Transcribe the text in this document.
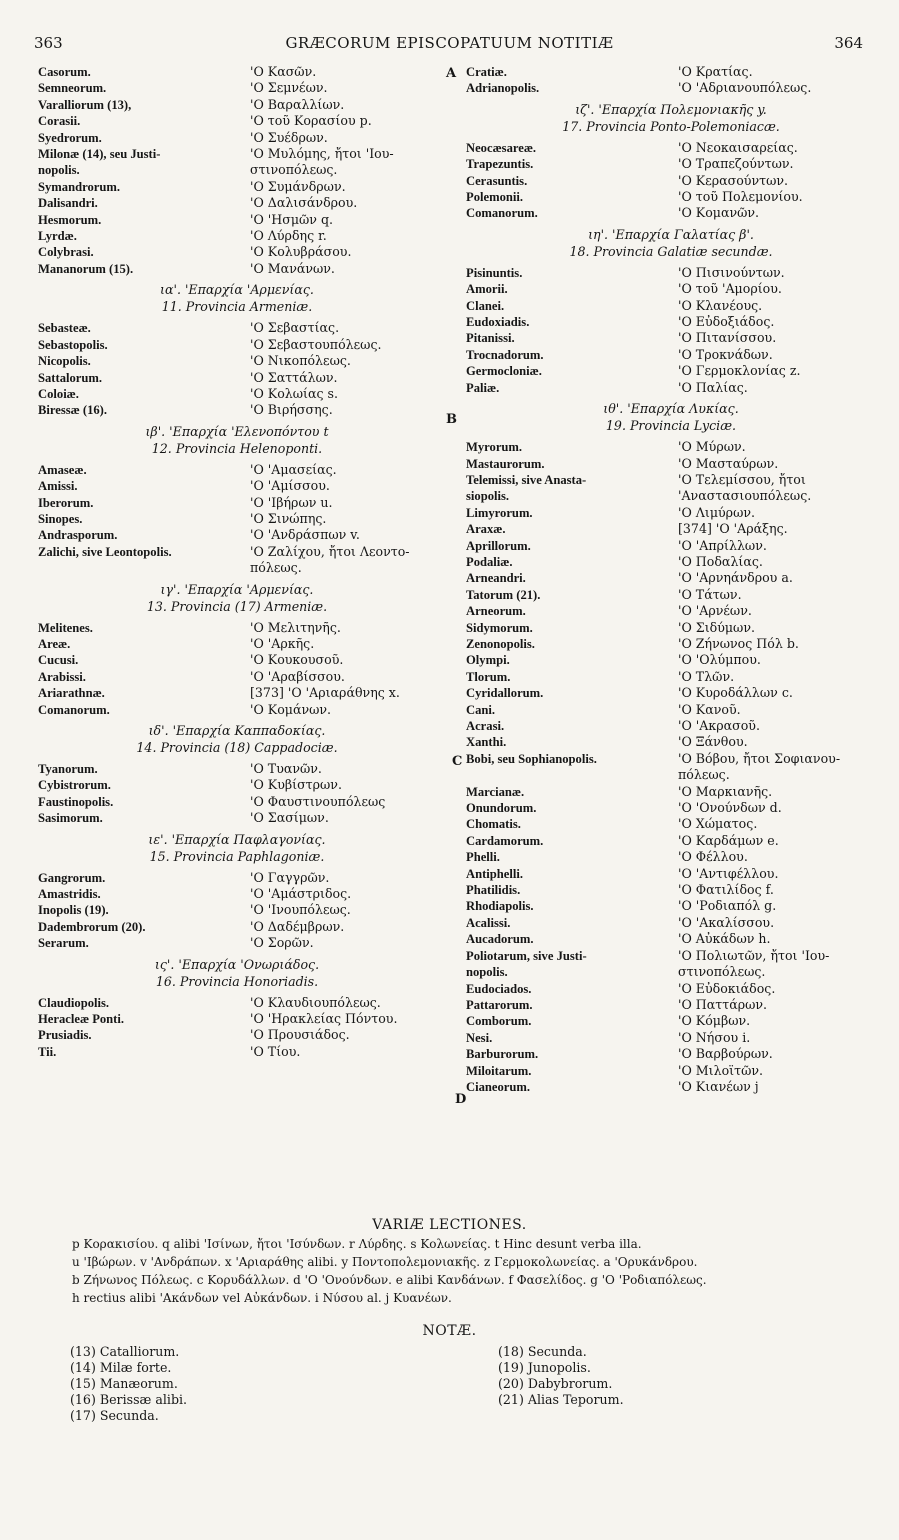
363	GRÆCORUM EPISCOPATUUM NOTITIÆ	364
A
B
C
D
Casorum.	'Ο Κασῶν.
Semneorum.	'Ο Σεμνέων.
Varalliorum (13),	'Ο Βαραλλίων.
Corasii.	'Ο τοῦ Κορασίου p.
Syedrorum.	'Ο Συέδρων.
Milonæ (14), seu Justi-	'Ο Μυλόμης, ἤτοι 'Ιου-
nopolis.	στινοπόλεως.
Symandrorum.	'Ο Συμάνδρων.
Dalisandri.	'Ο Δαλισάνδρου.
Hesmorum.	'Ο 'Ησμῶν q.
Lyrdæ.	'Ο Λύρδης r.
Colybrasi.	'Ο Κολυβράσου.
Mananorum (15).	'Ο Μανάνων.
ια'. 'Επαρχία 'Αρμενίας.
11. Provincia Armeniæ.
Sebasteæ.	'Ο Σεβαστίας.
Sebastopolis.	'Ο Σεβαστουπόλεως.
Nicopolis.	'Ο Νικοπόλεως.
Sattalorum.	'Ο Σαττάλων.
Coloiæ.	'Ο Κολωίας s.
Biressæ (16).	'Ο Βιρήσσης.
ιβ'. 'Επαρχία 'Ελενοπόντου t
12. Provincia Helenoponti.
Amaseæ.	'Ο 'Αμασείας.
Amissi.	'Ο 'Αμίσσου.
Iberorum.	'Ο 'Ιβήρων u.
Sinopes.	'Ο Σινώπης.
Andrasporum.	'Ο 'Ανδράσπων v.
Zalichi, sive Leontopolis.	'Ο Ζαλίχου, ἤτοι Λεοντο-
πόλεως.
ιγ'. 'Επαρχία 'Αρμενίας.
13. Provincia (17) Armeniæ.
Melitenes.	'Ο Μελιτηνῆς.
Areæ.	'Ο 'Αρκῆς.
Cucusi.	'Ο Κουκουσοῦ.
Arabissi.	'Ο 'Αραβίσσου.
Ariarathnæ.	[373] 'Ο 'Αριαράθνης x.
Comanorum.	'Ο Κομάνων.
ιδ'. 'Επαρχία Καππαδοκίας.
14. Provincia (18) Cappadociæ.
Tyanorum.	'Ο Τυανῶν.
Cybistrorum.	'Ο Κυβίστρων.
Faustinopolis.	'Ο Φαυστινουπόλεως
Sasimorum.	'Ο Σασίμων.
ιε'. 'Επαρχία Παφλαγονίας.
15. Provincia Paphlagoniæ.
Gangrorum.	'Ο Γαγγρῶν.
Amastridis.	'Ο 'Αμάστριδος.
Inopolis (19).	'Ο 'Ινουπόλεως.
Dadembrorum (20).	'Ο Δαδέμβρων.
Serarum.	'Ο Σορῶν.
ις'. 'Επαρχία 'Ονωριάδος.
16. Provincia Honoriadis.
Claudiopolis.	'Ο Κλαυδιουπόλεως.
Heracleæ Ponti.	'Ο 'Ηρακλείας Πόντου.
Prusiadis.	'Ο Προυσιάδος.
Tii.	'Ο Τίου.
Cratiæ.	'Ο Κρατίας.
Adrianopolis.	'Ο 'Αδριανουπόλεως.
ιζ'. 'Επαρχία Πολεμονιακῆς y.
17. Provincia Ponto-Polemoniacæ.
Neocæsareæ.	'Ο Νεοκαισαρείας.
Trapezuntis.	'Ο Τραπεζούντων.
Cerasuntis.	'Ο Κερασούντων.
Polemonii.	'Ο τοῦ Πολεμονίου.
Comanorum.	'Ο Κομανῶν.
ιη'. 'Επαρχία Γαλατίας β'.
18. Provincia Galatiæ secundæ.
Pisinuntis.	'Ο Πισινούντων.
Amorii.	'Ο τοῦ 'Αμορίου.
Clanei.	'Ο Κλανέους.
Eudoxiadis.	'Ο Εὐδοξιάδος.
Pitanissi.	'Ο Πιτανίσσου.
Trocnadorum.	'Ο Τροκνάδων.
Germocloniæ.	'Ο Γερμοκλονίας z.
Paliæ.	'Ο Παλίας.
ιθ'. 'Επαρχία Λυκίας.
19. Provincia Lyciæ.
Myrorum.	'Ο Μύρων.
Mastaurorum.	'Ο Μασταύρων.
Telemissi, sive Anasta-	'Ο Τελεμίσσου, ἤτοι
siopolis.	'Αναστασιουπόλεως.
Limyrorum.	'Ο Λιμύρων.
Araxæ.	[374] 'Ο 'Αράξης.
Aprillorum.	'Ο 'Απρίλλων.
Podaliæ.	'Ο Ποδαλίας.
Arneandri.	'Ο 'Αρνηάνδρου a.
Tatorum (21).	'Ο Τάτων.
Arneorum.	'Ο 'Αρνέων.
Sidymorum.	'Ο Σιδύμων.
Zenonopolis.	'Ο Ζήνωνος Πόλ b.
Olympi.	'Ο 'Ολύμπου.
Tlorum.	'Ο Τλῶν.
Cyridallorum.	'Ο Κυροδάλλων c.
Cani.	'Ο Κανοῦ.
Acrasi.	'Ο 'Ακρασοῦ.
Xanthi.	'Ο Ξάνθου.
Bobi, seu Sophianopolis.	'Ο Βόβου, ἤτοι Σοφιανου-
πόλεως.
Marcianæ.	'Ο Μαρκιανῆς.
Onundorum.	'Ο 'Ονούνδων d.
Chomatis.	'Ο Χώματος.
Cardamorum.	'Ο Καρδάμων e.
Phelli.	'Ο Φέλλου.
Antiphelli.	'Ο 'Αντιφέλλου.
Phatilidis.	'Ο Φατιλίδος f.
Rhodiapolis.	'Ο 'Ροδιαπόλ g.
Acalissi.	'Ο 'Ακαλίσσου.
Aucadorum.	'Ο Αὐκάδων h.
Poliotarum, sive Justi-	'Ο Πολιωτῶν, ἤτοι 'Ιου-
nopolis.	στινοπόλεως.
Eudociados.	'Ο Εὐδοκιάδος.
Pattarorum.	'Ο Παττάρων.
Comborum.	'Ο Κόμβων.
Nesi.	'Ο Νήσου i.
Barburorum.	'Ο Βαρβούρων.
Miloitarum.	'Ο Μιλοϊτῶν.
Cianeorum.	'Ο Κιανέων j
VARIÆ LECTIONES.
p Κορακισίου. q alibi 'Ισίνων, ἤτοι 'Ισύνδων. r Λύρδης. s Κολωνείας. t Hinc desunt verba illa.
u 'Ιβώρων. v 'Ανδράπων. x 'Αριαράθης alibi. y Ποντοπολεμονιακῆς. z Γερμοκολωνείας. a 'Ορυκάνδρου.
b Ζήνωνος Πόλεως. c Κορυδάλλων. d 'Ο 'Ονούνδων. e alibi Κανδάνων. f Φασελίδος. g 'Ο 'Ροδιαπόλεως.
h rectius alibi 'Ακάνδων vel Αὐκάνδων. i Νύσου al. j Κυανέων.
NOTÆ.
(13) Catalliorum.
(14) Milæ forte.
(15) Manæorum.
(16) Berissæ alibi.
(17) Secunda.
(18) Secunda.
(19) Junopolis.
(20) Dabybrorum.
(21) Alias Teporum.
